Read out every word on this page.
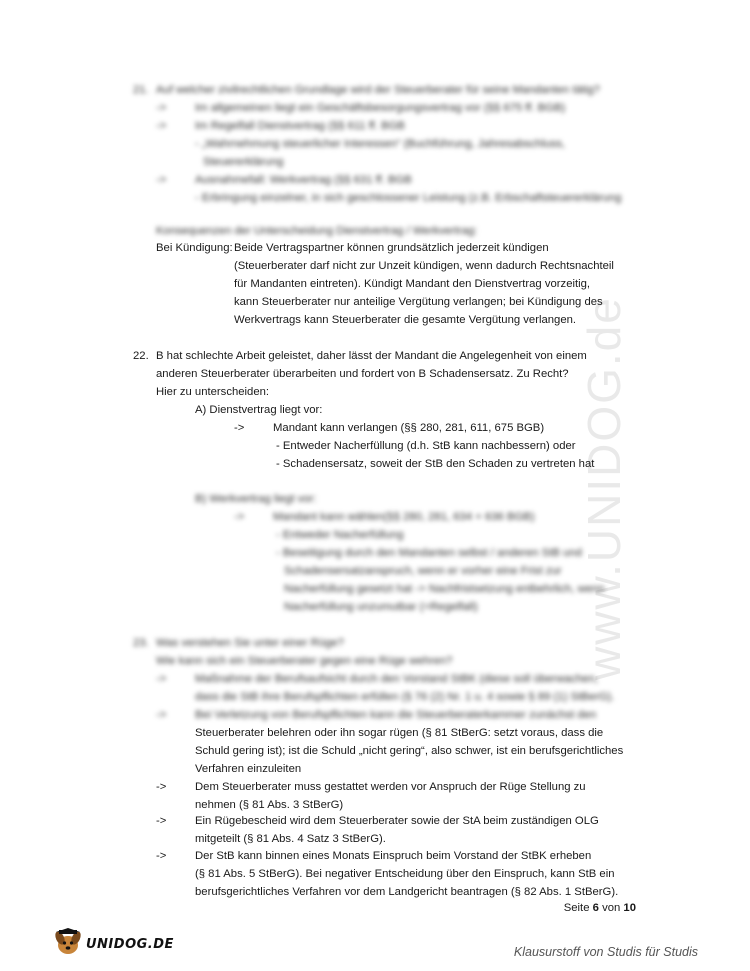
www.UNIDOG.de
21. Auf welcher zivilrechtlichen Grundlage wird der Steuerberater für seine Mandanten tätig?
->	Im allgemeinen liegt ein Geschäftsbesorgungsvertrag vor (§§ 675 ff. BGB)
->	Im Regelfall Dienstvertrag (§§ 611 ff. BGB
- „Wahrnehmung steuerlicher Interessen“ (Buchführung, Jahresabschluss,
Steuererklärung
->	Ausnahmefall: Werkvertrag (§§ 631 ff. BGB
- Erbringung einzelner, in sich geschlossener Leistung (z.B. Erbschaftsteuererklärung
Konsequenzen der Unterscheidung Dienstvertrag / Werkvertrag:
Bei Kündigung: Beide Vertragspartner können grundsätzlich jederzeit kündigen
(Steuerberater darf nicht zur Unzeit kündigen, wenn dadurch Rechtsnachteil
für Mandanten eintreten). Kündigt Mandant den Dienstvertrag vorzeitig,
kann Steuerberater nur anteilige Vergütung verlangen; bei Kündigung des
Werkvertrags kann Steuerberater die gesamte Vergütung verlangen.
22. B hat schlechte Arbeit geleistet, daher lässt der Mandant die Angelegenheit von einem
anderen Steuerberater überarbeiten und fordert von B Schadensersatz. Zu Recht?
Hier zu unterscheiden:
A) Dienstvertrag liegt vor:
->	Mandant kann verlangen (§§ 280, 281, 611, 675 BGB)
- Entweder Nacherfüllung (d.h. StB kann nachbessern) oder
- Schadensersatz, soweit der StB den Schaden zu vertreten hat
B) Werkvertrag liegt vor:
->	Mandant kann wählen(§§ 280, 281, 634 + 636 BGB)
- Entweder Nacherfüllung
- Beseitigung durch den Mandanten selbst / anderen StB und
Schadensersatzanspruch, wenn er vorher eine Frist zur
Nacherfüllung gesetzt hat -> Nachfristsetzung entbehrlich, wenn
Nacherfüllung unzumutbar (=Regelfall)
23. Was verstehen Sie unter einer Rüge?
Wie kann sich ein Steuerberater gegen eine Rüge wehren?
->	Maßnahme der Berufsaufsicht durch den Vorstand StBK (diese soll überwachen,
dass die StB ihre Berufspflichten erfüllen (§ 76 (2) Nr. 1 u. 4 sowie § 89 (1) StBerG).
->	Bei Verletzung von Berufspflichten kann die Steuerberaterkammer zunächst den
Steuerberater belehren oder ihn sogar rügen (§ 81 StBerG: setzt voraus, dass die
Schuld gering ist); ist die Schuld „nicht gering“, also schwer, ist ein berufsgerichtliches
Verfahren einzuleiten
->	Dem Steuerberater muss gestattet werden vor Anspruch der Rüge Stellung zu
nehmen (§ 81 Abs. 3 StBerG)
->	Ein Rügebescheid wird dem Steuerberater sowie der StA beim zuständigen OLG
mitgeteilt (§ 81 Abs. 4 Satz 3 StBerG).
->	Der StB kann binnen eines Monats Einspruch beim Vorstand der StBK erheben
(§ 81 Abs. 5 StBerG). Bei negativer Entscheidung über den Einspruch, kann StB ein
berufsgerichtliches Verfahren vor dem Landgericht beantragen (§ 82 Abs. 1 StBerG).
Seite 6 von 10
UNIDOG.DE	Klausurstoff von Studis für Studis
